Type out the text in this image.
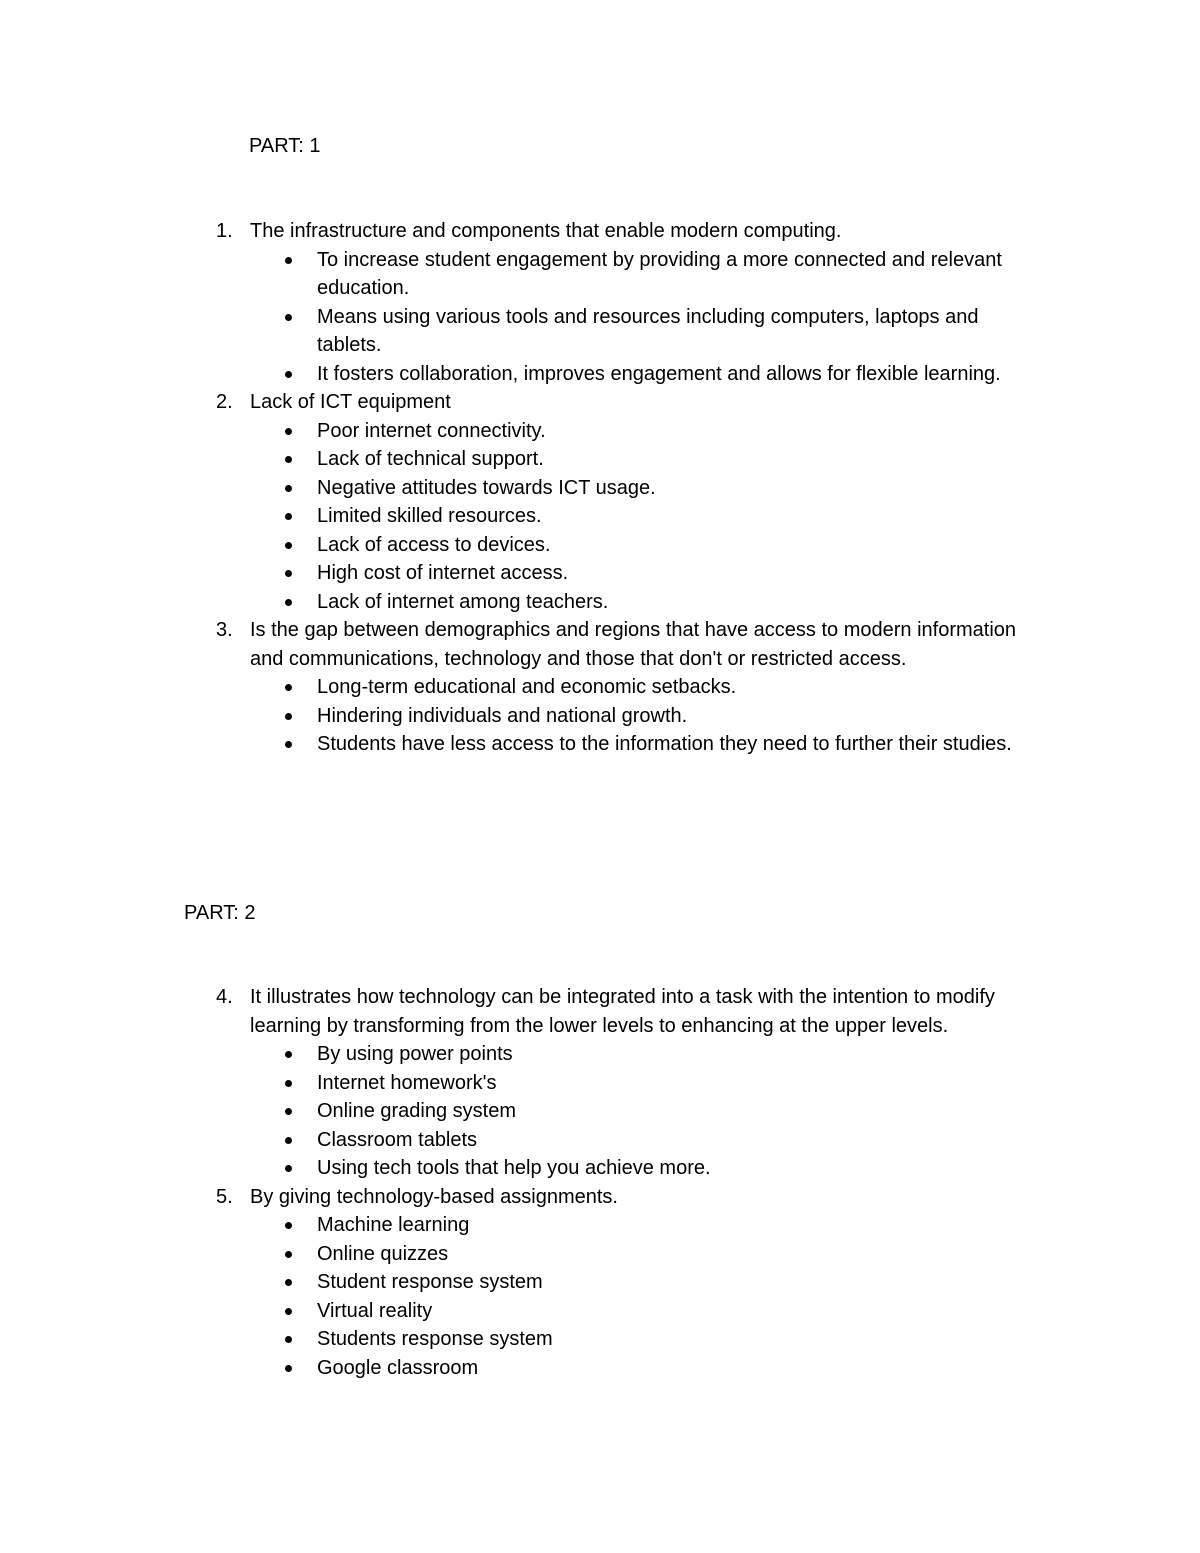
PART: 1
1. The infrastructure and components that enable modern computing.
To increase student engagement by providing a more connected and relevant education.
Means using various tools and resources including computers, laptops and tablets.
It fosters collaboration, improves engagement and allows for flexible learning.
2. Lack of ICT equipment
Poor internet connectivity.
Lack of technical support.
Negative attitudes towards ICT usage.
Limited skilled resources.
Lack of access to devices.
High cost of internet access.
Lack of internet among teachers.
3. Is the gap between demographics and regions that have access to modern information and communications, technology and those that don't or restricted access.
Long-term educational and economic setbacks.
Hindering individuals and national growth.
Students have less access to the information they need to further their studies.
PART: 2
4. It illustrates how technology can be integrated into a task with the intention to modify learning by transforming from the lower levels to enhancing at the upper levels.
By using power points
Internet homework's
Online grading system
Classroom tablets
Using tech tools that help you achieve more.
5. By giving technology-based assignments.
Machine learning
Online quizzes
Student response system
Virtual reality
Students response system
Google classroom
